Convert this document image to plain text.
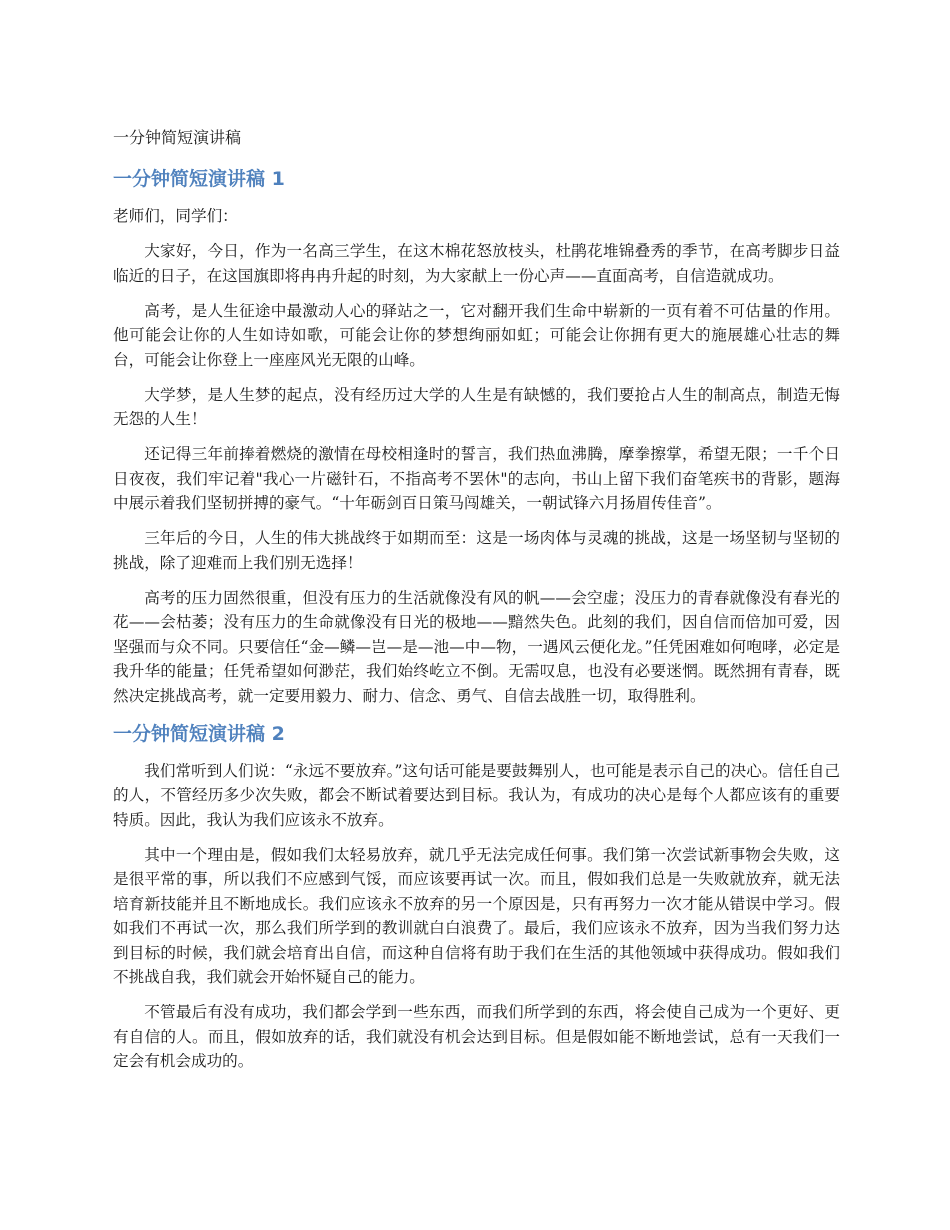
一分钟简短演讲稿
一分钟简短演讲稿 1

老师们，同学们：

大家好，今日，作为一名高三学生，在这木棉花怒放枝头，杜鹃花堆锦叠秀的季节，在高考脚步日益临近的日子，在这国旗即将冉冉升起的时刻，为大家献上一份心声——直面高考，自信造就成功。

高考，是人生征途中最激动人心的驿站之一，它对翻开我们生命中崭新的一页有着不可估量的作用。他可能会让你的人生如诗如歌，可能会让你的梦想绚丽如虹；可能会让你拥有更大的施展雄心壮志的舞台，可能会让你登上一座座风光无限的山峰。

大学梦，是人生梦的起点，没有经历过大学的人生是有缺憾的，我们要抢占人生的制高点，制造无悔无怨的人生！

还记得三年前捧着燃烧的激情在母校相逢时的誓言，我们热血沸腾，摩拳擦掌，希望无限；一千个日日夜夜，我们牢记着"我心一片磁针石，不指高考不罢休"的志向，书山上留下我们奋笔疾书的背影，题海中展示着我们坚韧拼搏的豪气。“十年砺剑百日策马闯雄关，一朝试锋六月扬眉传佳音”。

三年后的今日，人生的伟大挑战终于如期而至：这是一场肉体与灵魂的挑战，这是一场坚韧与坚韧的挑战，除了迎难而上我们别无选择！

高考的压力固然很重，但没有压力的生活就像没有风的帆——会空虚；没压力的青春就像没有春光的花——会枯萎；没有压力的生命就像没有日光的极地——黯然失色。此刻的我们，因自信而倍加可爱，因坚强而与众不同。只要信任“金—鳞—岂—是—池—中—物，一遇风云便化龙。”任凭困难如何咆哮，必定是我升华的能量；任凭希望如何渺茫，我们始终屹立不倒。无需叹息，也没有必要迷惘。既然拥有青春，既然决定挑战高考，就一定要用毅力、耐力、信念、勇气、自信去战胜一切，取得胜利。

一分钟简短演讲稿 2

我们常听到人们说：“永远不要放弃。”这句话可能是要鼓舞别人，也可能是表示自己的决心。信任自己的人，不管经历多少次失败，都会不断试着要达到目标。我认为，有成功的决心是每个人都应该有的重要特质。因此，我认为我们应该永不放弃。

其中一个理由是，假如我们太轻易放弃，就几乎无法完成任何事。我们第一次尝试新事物会失败，这是很平常的事，所以我们不应感到气馁，而应该要再试一次。而且，假如我们总是一失败就放弃，就无法培育新技能并且不断地成长。我们应该永不放弃的另一个原因是，只有再努力一次才能从错误中学习。假如我们不再试一次，那么我们所学到的教训就白白浪费了。最后，我们应该永不放弃，因为当我们努力达到目标的时候，我们就会培育出自信，而这种自信将有助于我们在生活的其他领域中获得成功。假如我们不挑战自我，我们就会开始怀疑自己的能力。

不管最后有没有成功，我们都会学到一些东西，而我们所学到的东西，将会使自己成为一个更好、更有自信的人。而且，假如放弃的话，我们就没有机会达到目标。但是假如能不断地尝试，总有一天我们一定会有机会成功的。
